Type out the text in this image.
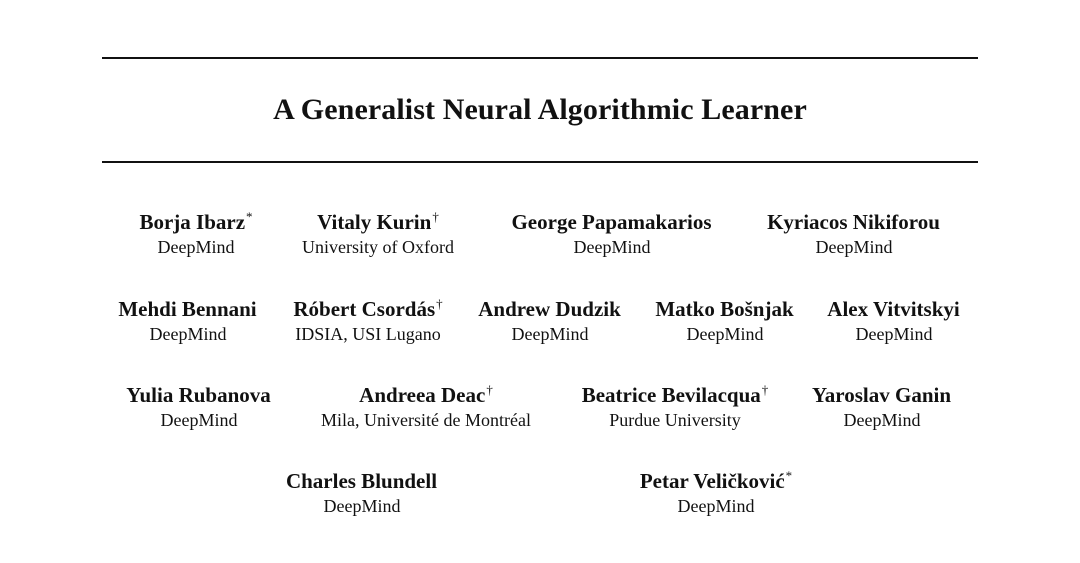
A Generalist Neural Algorithmic Learner
Borja Ibarz*
DeepMind
Vitaly Kurin†
University of Oxford
George Papamakarios
DeepMind
Kyriacos Nikiforou
DeepMind
Mehdi Bennani
DeepMind
Róbert Csordás†
IDSIA, USI Lugano
Andrew Dudzik
DeepMind
Matko Bošnjak
DeepMind
Alex Vitvitskyi
DeepMind
Yulia Rubanova
DeepMind
Andreea Deac†
Mila, Université de Montréal
Beatrice Bevilacqua†
Purdue University
Yaroslav Ganin
DeepMind
Charles Blundell
DeepMind
Petar Veličković*
DeepMind
